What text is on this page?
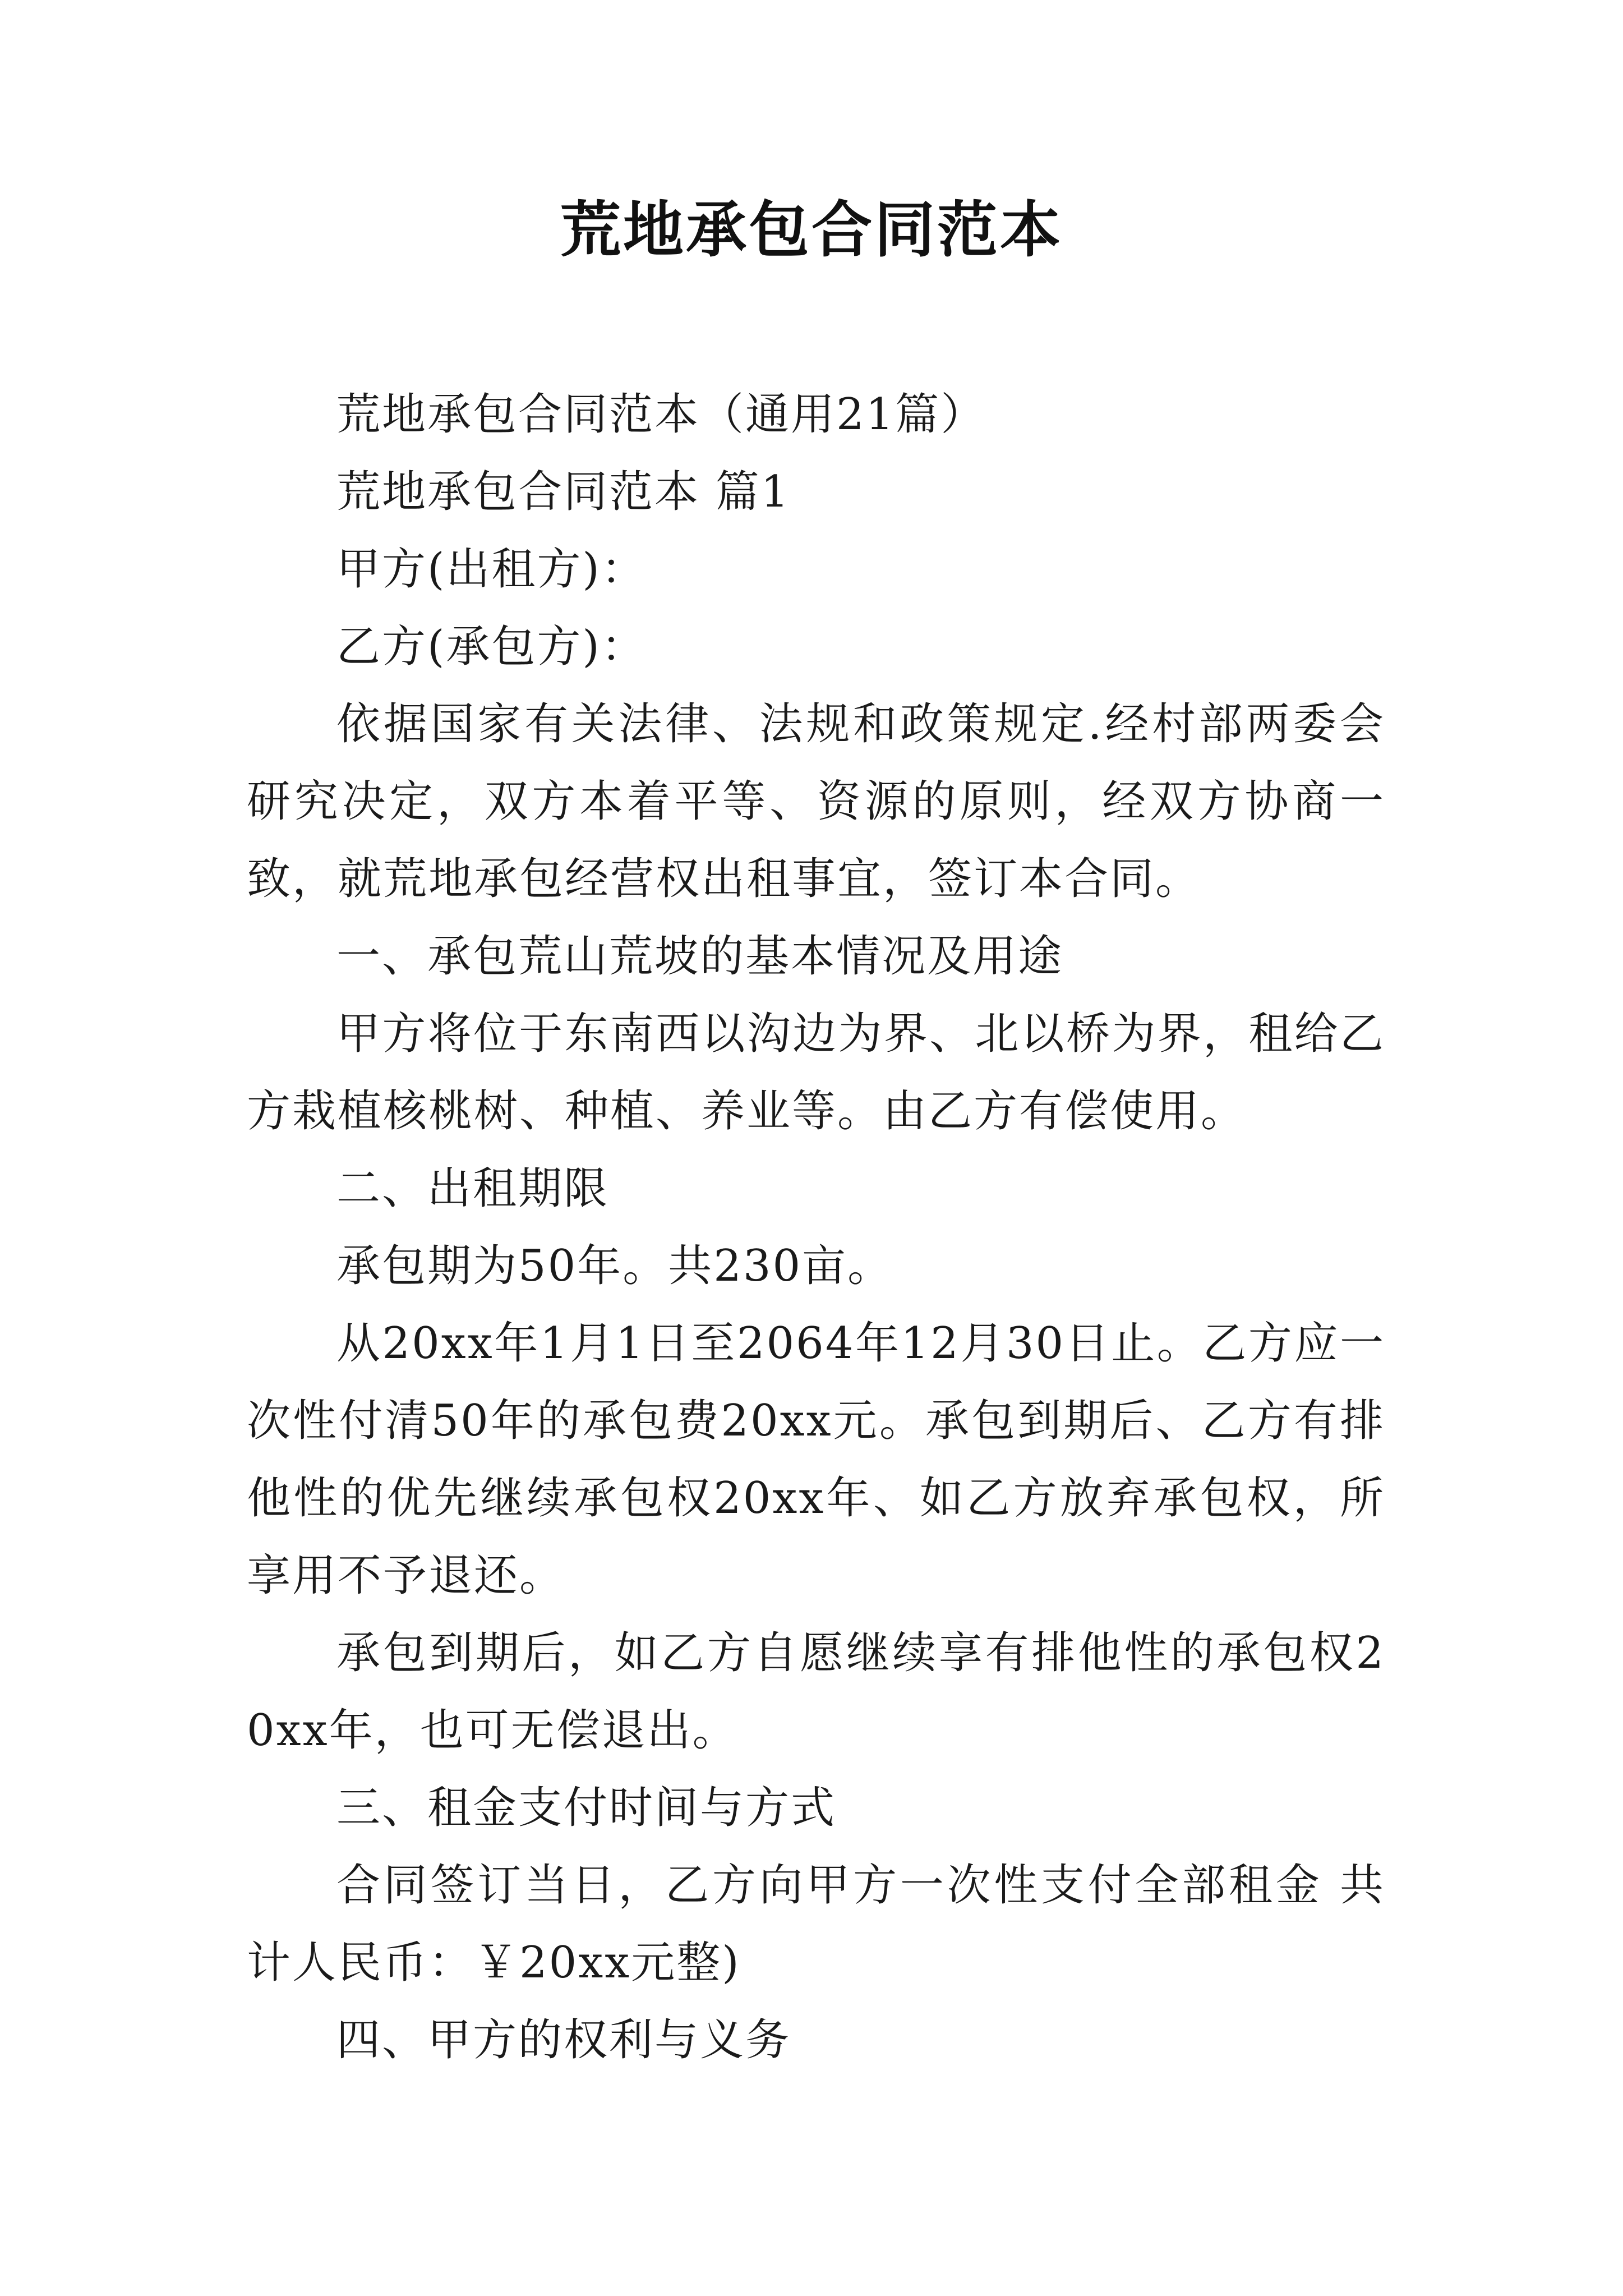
荒地承包合同范本

荒地承包合同范本（通用21篇）

荒地承包合同范本 篇1

甲方(出租方)：

乙方(承包方)：

依据国家有关法律、法规和政策规定.经村部两委会研究决定，双方本着平等、资源的原则，经双方协商一致，就荒地承包经营权出租事宜，签订本合同。

一、承包荒山荒坡的基本情况及用途

甲方将位于东南西以沟边为界、北以桥为界，租给乙方栽植核桃树、种植、养业等。由乙方有偿使用。

二、出租期限

承包期为50年。共230亩。

从20xx年1月1日至2064年12月30日止。乙方应一次性付清50年的承包费20xx元。承包到期后、乙方有排他性的优先继续承包权20xx年、如乙方放弃承包权，所享用不予退还。

承包到期后，如乙方自愿继续享有排他性的承包权20xx年，也可无偿退出。

三、租金支付时间与方式

合同签订当日，乙方向甲方一次性支付全部租金 共计人民币：￥20xx元整)

四、甲方的权利与义务
